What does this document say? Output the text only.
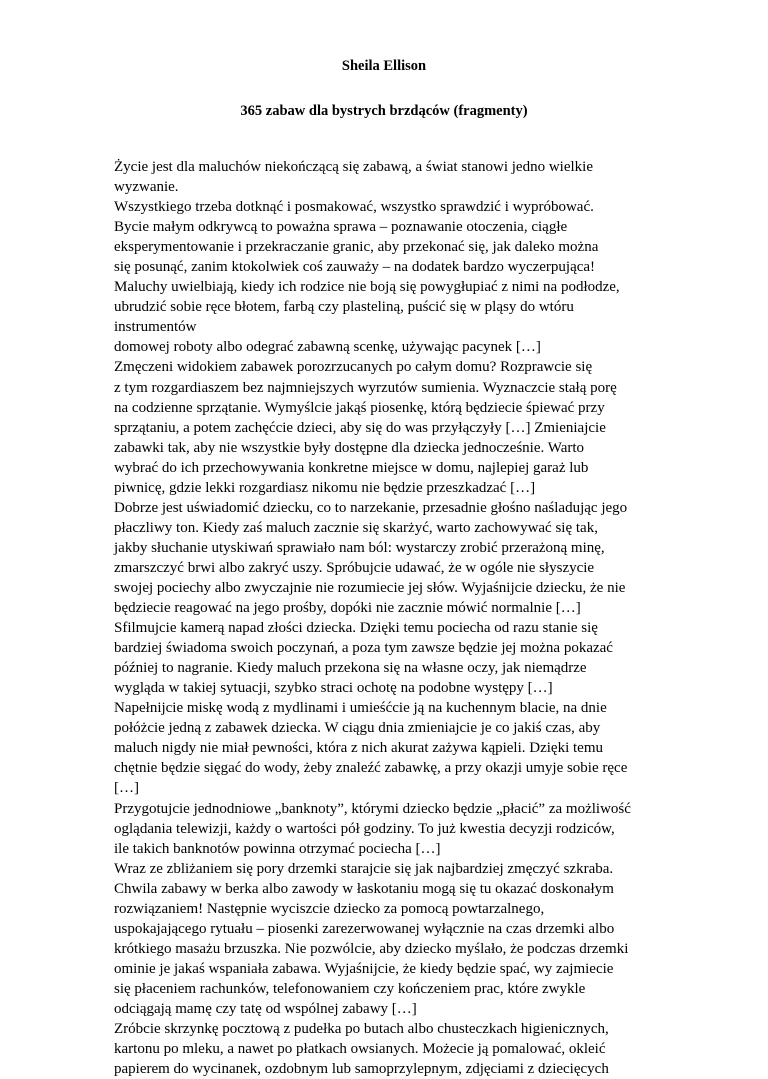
Sheila Ellison
365 zabaw dla bystrych brzdąców (fragmenty)
Życie jest dla maluchów niekończącą się zabawą, a świat stanowi jedno wielkie
wyzwanie.
Wszystkiego trzeba dotknąć i posmakować, wszystko sprawdzić i wypróbować.
Bycie małym odkrywcą to poważna sprawa – poznawanie otoczenia, ciągłe
eksperymentowanie i przekraczanie granic, aby przekonać się, jak daleko można
się posunąć, zanim ktokolwiek coś zauważy – na dodatek bardzo wyczerpująca!
Maluchy uwielbiają, kiedy ich rodzice nie boją się powygłupiać z nimi na podłodze,
ubrudzić sobie ręce błotem, farbą czy plasteliną, puścić się w pląsy do wtóru
instrumentów
domowej roboty albo odegrać zabawną scenkę, używając pacynek […]
Zmęczeni widokiem zabawek porozrzucanych po całym domu? Rozprawcie się
z tym rozgardiaszem bez najmniejszych wyrzutów sumienia. Wyznaczcie stałą porę
na codzienne sprzątanie. Wymyślcie jakąś piosenkę, którą będziecie śpiewać przy
sprzątaniu, a potem zachęćcie dzieci, aby się do was przyłączyły […] Zmieniajcie
zabawki tak, aby nie wszystkie były dostępne dla dziecka jednocześnie. Warto
wybrać do ich przechowywania konkretne miejsce w domu, najlepiej garaż lub
piwnicę, gdzie lekki rozgardiasz nikomu nie będzie przeszkadzać […]
Dobrze jest uświadomić dziecku, co to narzekanie, przesadnie głośno naśladując jego
płaczliwy ton. Kiedy zaś maluch zacznie się skarżyć, warto zachowywać się tak,
jakby słuchanie utyskiwań sprawiało nam ból: wystarczy zrobić przerażoną minę,
zmarszczyć brwi albo zakryć uszy. Spróbujcie udawać, że w ogóle nie słyszycie
swojej pociechy albo zwyczajnie nie rozumiecie jej słów. Wyjaśnijcie dziecku, że nie
będziecie reagować na jego prośby, dopóki nie zacznie mówić normalnie […]
Sfilmujcie kamerą napad złości dziecka. Dzięki temu pociecha od razu stanie się
bardziej świadoma swoich poczynań, a poza tym zawsze będzie jej można pokazać
później to nagranie. Kiedy maluch przekona się na własne oczy, jak niemądrze
wygląda w takiej sytuacji, szybko straci ochotę na podobne występy […]
Napełnijcie miskę wodą z mydlinami i umieśćcie ją na kuchennym blacie, na dnie
połóżcie jedną z zabawek dziecka. W ciągu dnia zmieniajcie je co jakiś czas, aby
maluch nigdy nie miał pewności, która z nich akurat zażywa kąpieli. Dzięki temu
chętnie będzie sięgać do wody, żeby znaleźć zabawkę, a przy okazji umyje sobie ręce
[…]
Przygotujcie jednodniowe „banknoty”, którymi dziecko będzie „płacić” za możliwość
oglądania telewizji, każdy o wartości pół godziny. To już kwestia decyzji rodziców,
ile takich banknotów powinna otrzymać pociecha […]
Wraz ze zbliżaniem się pory drzemki starajcie się jak najbardziej zmęczyć szkraba.
Chwila zabawy w berka albo zawody w łaskotaniu mogą się tu okazać doskonałym
rozwiązaniem! Następnie wyciszcie dziecko za pomocą powtarzalnego,
uspokajającego rytuału – piosenki zarezerwowanej wyłącznie na czas drzemki albo
krótkiego masażu brzuszka. Nie pozwólcie, aby dziecko myślało, że podczas drzemki
ominie je jakaś wspaniała zabawa. Wyjaśnijcie, że kiedy będzie spać, wy zajmiecie
się płaceniem rachunków, telefonowaniem czy kończeniem prac, które zwykle
odciągają mamę czy tatę od wspólnej zabawy […]
Zróbcie skrzynkę pocztową z pudełka po butach albo chusteczkach higienicznych,
kartonu po mleku, a nawet po płatkach owsianych. Możecie ją pomalować, okleić
papierem do wycinanek, ozdobnym lub samoprzylepnym, zdjęciami z dziecięcych
